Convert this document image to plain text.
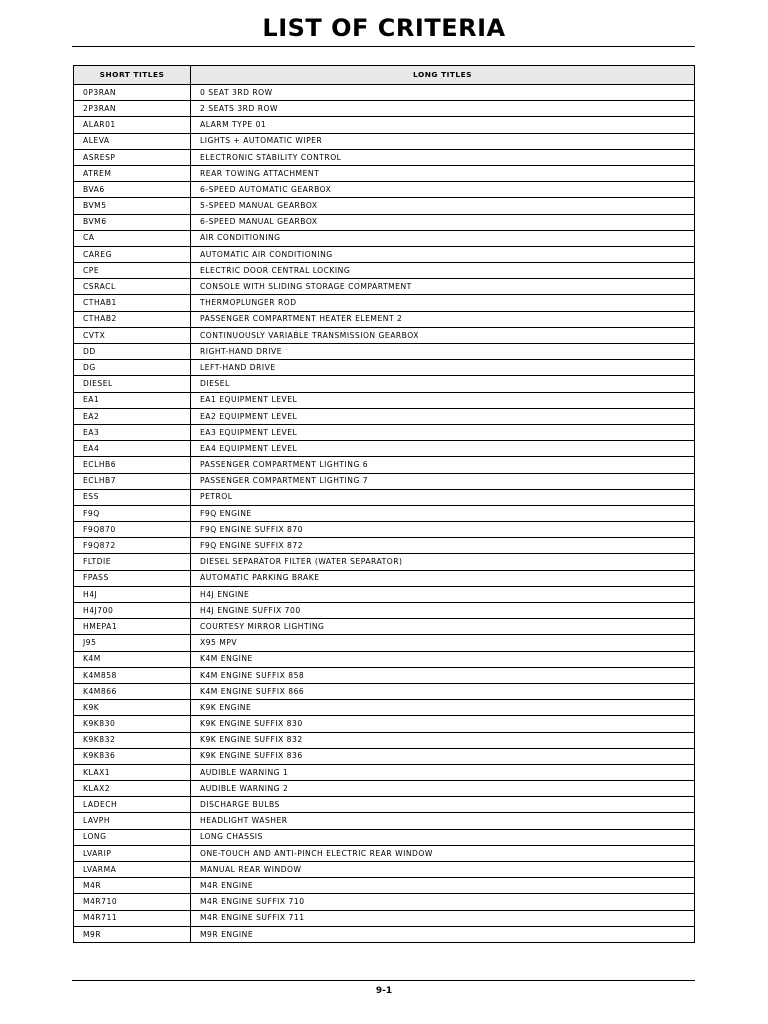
LIST OF CRITERIA
SHORT TITLES	LONG TITLES
0P3RAN	0 SEAT 3RD ROW
2P3RAN	2 SEATS 3RD ROW
ALAR01	ALARM TYPE 01
ALEVA	LIGHTS + AUTOMATIC WIPER
ASRESP	ELECTRONIC STABILITY CONTROL
ATREM	REAR TOWING ATTACHMENT
BVA6	6-SPEED AUTOMATIC GEARBOX
BVM5	5-SPEED MANUAL GEARBOX
BVM6	6-SPEED MANUAL GEARBOX
CA	AIR CONDITIONING
CAREG	AUTOMATIC AIR CONDITIONING
CPE	ELECTRIC DOOR CENTRAL LOCKING
CSRACL	CONSOLE WITH SLIDING STORAGE COMPARTMENT
CTHAB1	THERMOPLUNGER ROD
CTHAB2	PASSENGER COMPARTMENT HEATER ELEMENT 2
CVTX	CONTINUOUSLY VARIABLE TRANSMISSION GEARBOX
DD	RIGHT-HAND DRIVE
DG	LEFT-HAND DRIVE
DIESEL	DIESEL
EA1	EA1 EQUIPMENT LEVEL
EA2	EA2 EQUIPMENT LEVEL
EA3	EA3 EQUIPMENT LEVEL
EA4	EA4 EQUIPMENT LEVEL
ECLHB6	PASSENGER COMPARTMENT LIGHTING 6
ECLHB7	PASSENGER COMPARTMENT LIGHTING 7
ESS	PETROL
F9Q	F9Q ENGINE
F9Q870	F9Q ENGINE SUFFIX 870
F9Q872	F9Q ENGINE SUFFIX 872
FLTDIE	DIESEL SEPARATOR FILTER (WATER SEPARATOR)
FPASS	AUTOMATIC PARKING BRAKE
H4J	H4J ENGINE
H4J700	H4J ENGINE SUFFIX 700
HMEPA1	COURTESY MIRROR LIGHTING
J95	X95 MPV
K4M	K4M ENGINE
K4M858	K4M ENGINE SUFFIX 858
K4M866	K4M ENGINE SUFFIX 866
K9K	K9K ENGINE
K9K830	K9K ENGINE SUFFIX 830
K9K832	K9K ENGINE SUFFIX 832
K9K836	K9K ENGINE SUFFIX 836
KLAX1	AUDIBLE WARNING 1
KLAX2	AUDIBLE WARNING 2
LADECH	DISCHARGE BULBS
LAVPH	HEADLIGHT WASHER
LONG	LONG CHASSIS
LVARIP	ONE-TOUCH AND ANTI-PINCH ELECTRIC REAR WINDOW
LVARMA	MANUAL REAR WINDOW
M4R	M4R ENGINE
M4R710	M4R ENGINE SUFFIX 710
M4R711	M4R ENGINE SUFFIX 711
M9R	M9R ENGINE
9-1
